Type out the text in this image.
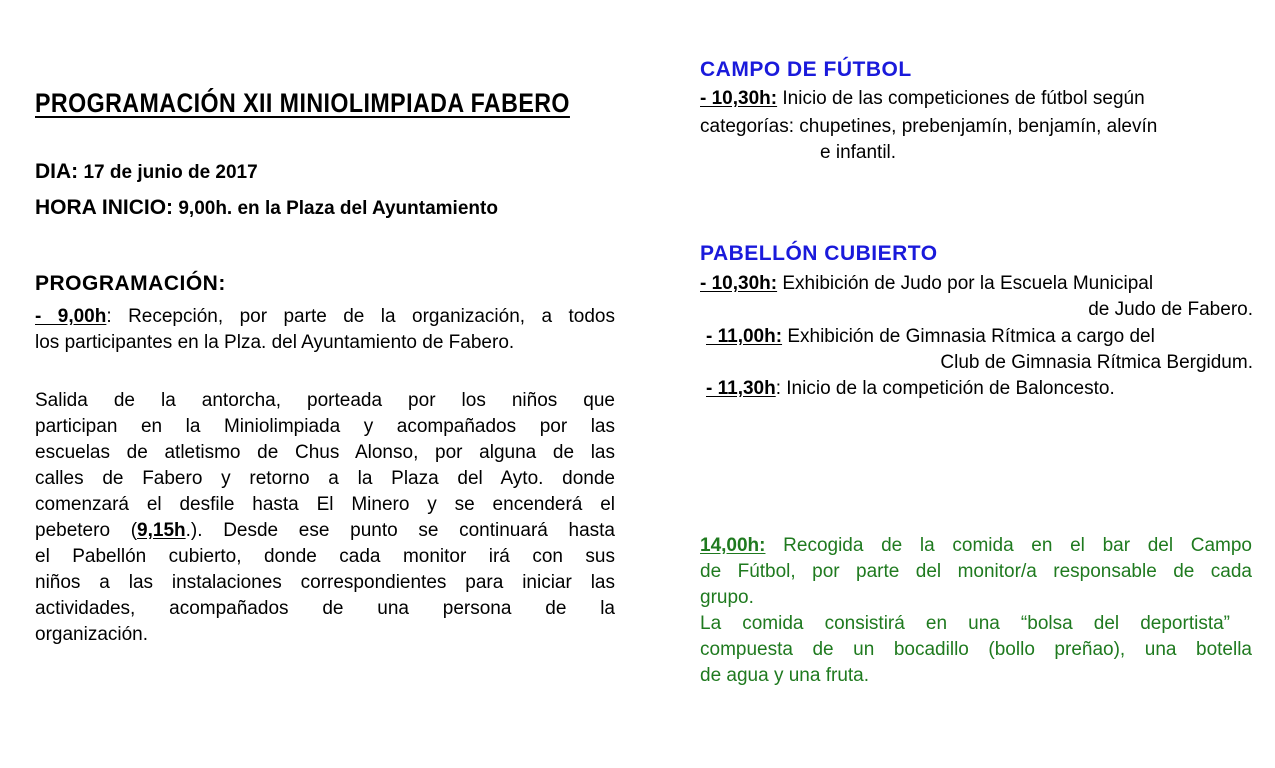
PROGRAMACIÓN XII MINIOLIMPIADA FABERO
DIA: 17 de junio de 2017
HORA INICIO: 9,00h. en la Plaza del Ayuntamiento
PROGRAMACIÓN:
- 9,00h: Recepción, por parte de la organización, a todos
los participantes en la Plza. del Ayuntamiento de Fabero.
Salida de la antorcha, porteada por los niños que
participan en la Miniolimpiada y acompañados por las
escuelas de atletismo de Chus Alonso, por alguna de las
calles de Fabero y retorno a la Plaza del Ayto. donde
comenzará el desfile hasta El Minero y se encenderá el
pebetero (9,15h.). Desde ese punto se continuará hasta
el Pabellón cubierto, donde cada monitor irá con sus
niños a las instalaciones correspondientes para iniciar las
actividades, acompañados de una persona de la
organización.
CAMPO DE FÚTBOL
- 10,30h: Inicio de las competiciones de fútbol según
categorías: chupetines, prebenjamín, benjamín, alevín
e infantil.
PABELLÓN CUBIERTO
- 10,30h: Exhibición de Judo por la Escuela Municipal
de Judo de Fabero.
- 11,00h: Exhibición de Gimnasia Rítmica a cargo del
Club de Gimnasia Rítmica Bergidum.
- 11,30h: Inicio de la competición de Baloncesto.
14,00h: Recogida de la comida en el bar del Campo
de Fútbol, por parte del monitor/a responsable de cada
grupo.
La comida consistirá en una “bolsa del deportista”
compuesta de un bocadillo (bollo preñao), una botella
de agua y una fruta.
